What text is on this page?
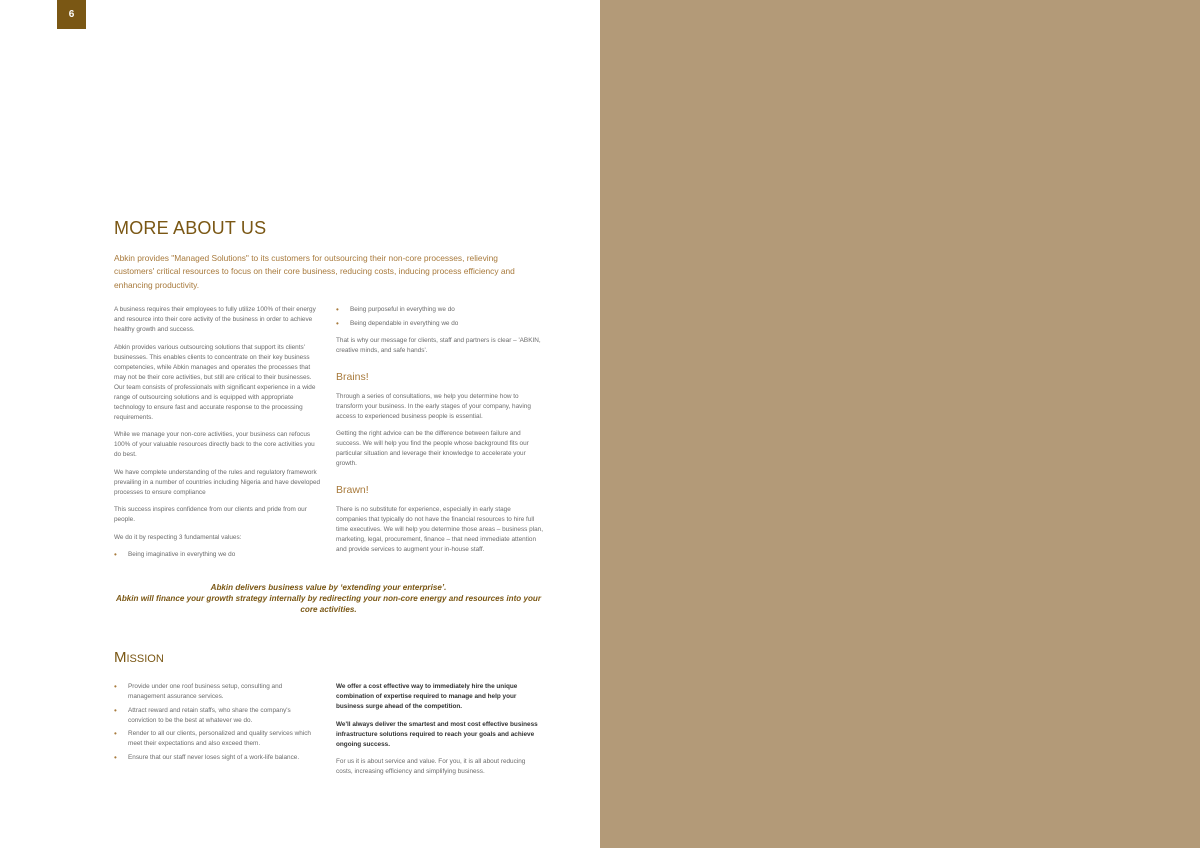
6
MORE ABOUT US

Abkin provides "Managed Solutions" to its customers for outsourcing their non-core processes, relieving customers' critical resources to focus on their core business, reducing costs, inducing process efficiency and enhancing productivity.

A business requires their employees to fully utilize 100% of their energy and resource into their core activity of the business in order to achieve healthy growth and success.

Abkin provides various outsourcing solutions that support its clients' businesses. This enables clients to concentrate on their key business competencies, while Abkin manages and operates the processes that may not be their core activities, but still are critical to their businesses. Our team consists of professionals with significant experience in a wide range of outsourcing solutions and is equipped with appropriate technology to ensure fast and accurate response to the processing requirements.

While we manage your non-core activities, your business can refocus 100% of your valuable resources directly back to the core activities you do best.

We have complete understanding of the rules and regulatory framework prevailing in a number of countries including Nigeria and have developed processes to ensure compliance

This success inspires confidence from our clients and pride from our people.

We do it by respecting 3 fundamental values:

• Being imaginative in everything we do
• Being purposeful in everything we do
• Being dependable in everything we do

That is why our message for clients, staff and partners is clear – 'ABKIN, creative minds, and safe hands'.

Brains!

Through a series of consultations, we help you determine how to transform your business. In the early stages of your company, having access to experienced business people is essential.

Getting the right advice can be the difference between failure and success. We will help you find the people whose background fits our particular situation and leverage their knowledge to accelerate your growth.

Brawn!

There is no substitute for experience, especially in early stage companies that typically do not have the financial resources to hire full time executives. We will help you determine those areas – business plan, marketing, legal, procurement, finance – that need immediate attention and provide services to augment your in-house staff.

Abkin delivers business value by ‘extending your enterprise’.
Abkin will finance your growth strategy internally by redirecting your non-core energy and resources into your core activities.
Mission
• Provide under one roof business setup, consulting and management assurance services.
• Attract reward and retain staffs, who share the company's conviction to be the best at whatever we do.
• Render to all our clients, personalized and quality services which meet their expectations and also exceed them.
• Ensure that our staff never loses sight of a work-life balance.

We offer a cost effective way to immediately hire the unique combination of expertise required to manage and help your business surge ahead of the competition.

We'll always deliver the smartest and most cost effective business infrastructure solutions required to reach your goals and achieve ongoing success.

For us it is about service and value. For you, it is all about reducing costs, increasing efficiency and simplifying business.
